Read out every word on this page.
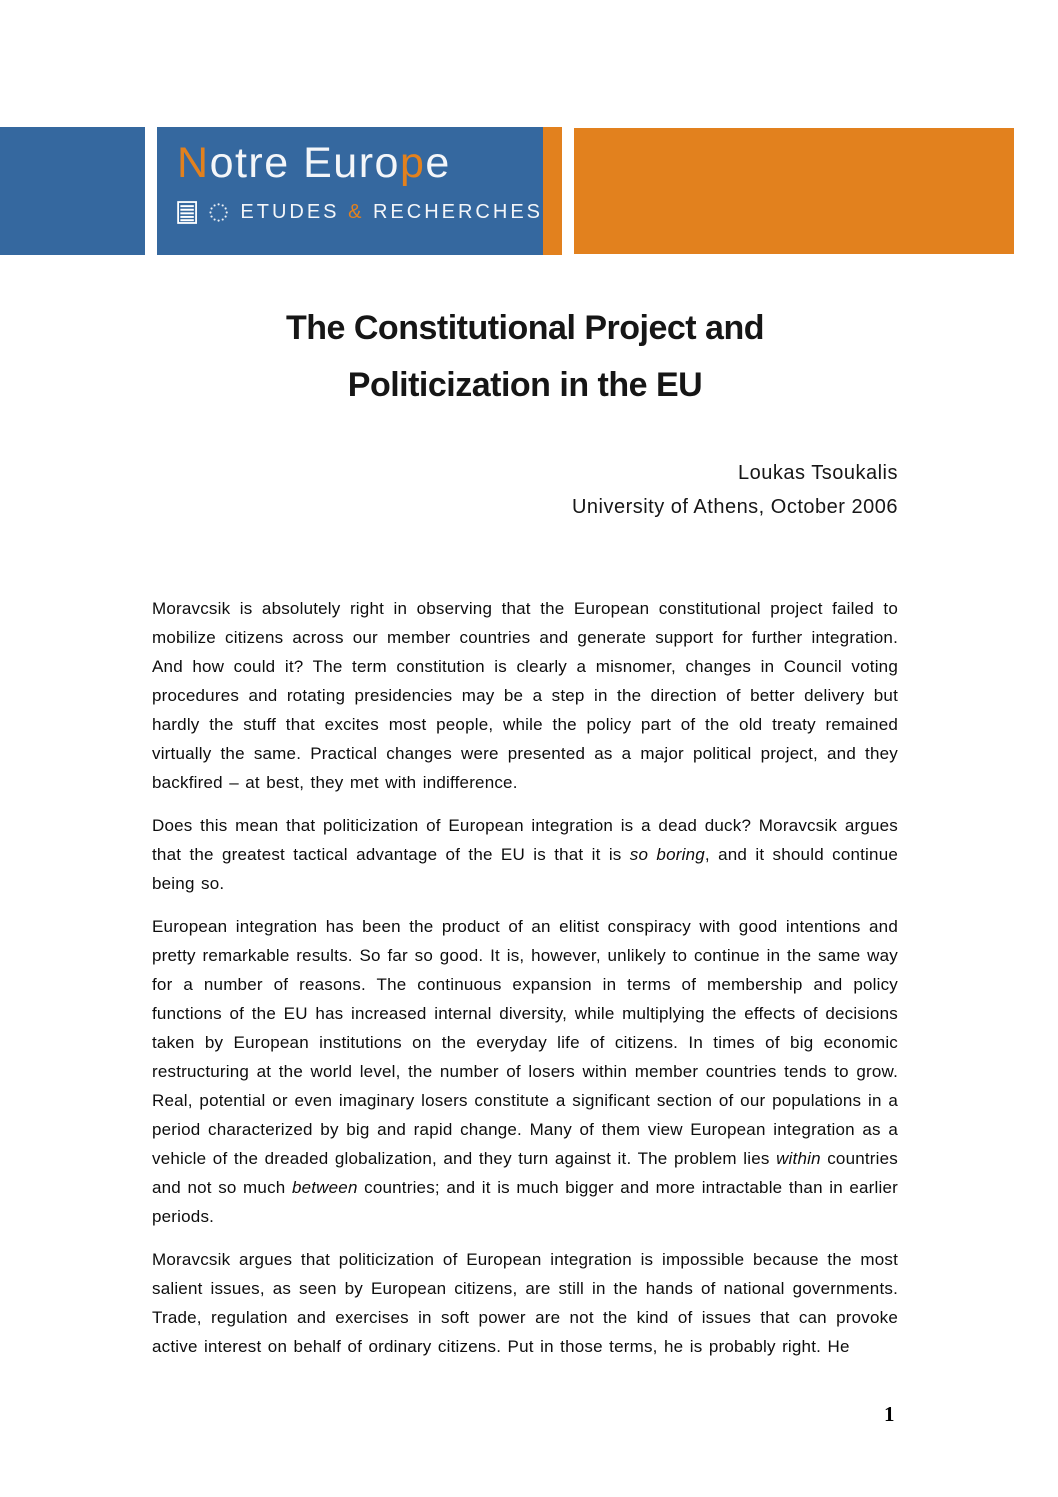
Notre Europe
ETUDES & RECHERCHES
The Constitutional Project and
Politicization in the EU
Loukas Tsoukalis
University of Athens, October 2006

Moravcsik is absolutely right in observing that the European constitutional project failed to mobilize citizens across our member countries and generate support for further integration. And how could it? The term constitution is clearly a misnomer, changes in Council voting procedures and rotating presidencies may be a step in the direction of better delivery but hardly the stuff that excites most people, while the policy part of the old treaty remained virtually the same. Practical changes were presented as a major political project, and they backfired – at best, they met with indifference.

Does this mean that politicization of European integration is a dead duck? Moravcsik argues that the greatest tactical advantage of the EU is that it is so boring, and it should continue being so.

European integration has been the product of an elitist conspiracy with good intentions and pretty remarkable results. So far so good. It is, however, unlikely to continue in the same way for a number of reasons. The continuous expansion in terms of membership and policy functions of the EU has increased internal diversity, while multiplying the effects of decisions taken by European institutions on the everyday life of citizens. In times of big economic restructuring at the world level, the number of losers within member countries tends to grow. Real, potential or even imaginary losers constitute a significant section of our populations in a period characterized by big and rapid change. Many of them view European integration as a vehicle of the dreaded globalization, and they turn against it. The problem lies within countries and not so much between countries; and it is much bigger and more intractable than in earlier periods.

Moravcsik argues that politicization of European integration is impossible because the most salient issues, as seen by European citizens, are still in the hands of national governments. Trade, regulation and exercises in soft power are not the kind of issues that can provoke active interest on behalf of ordinary citizens. Put in those terms, he is probably right. He

1
